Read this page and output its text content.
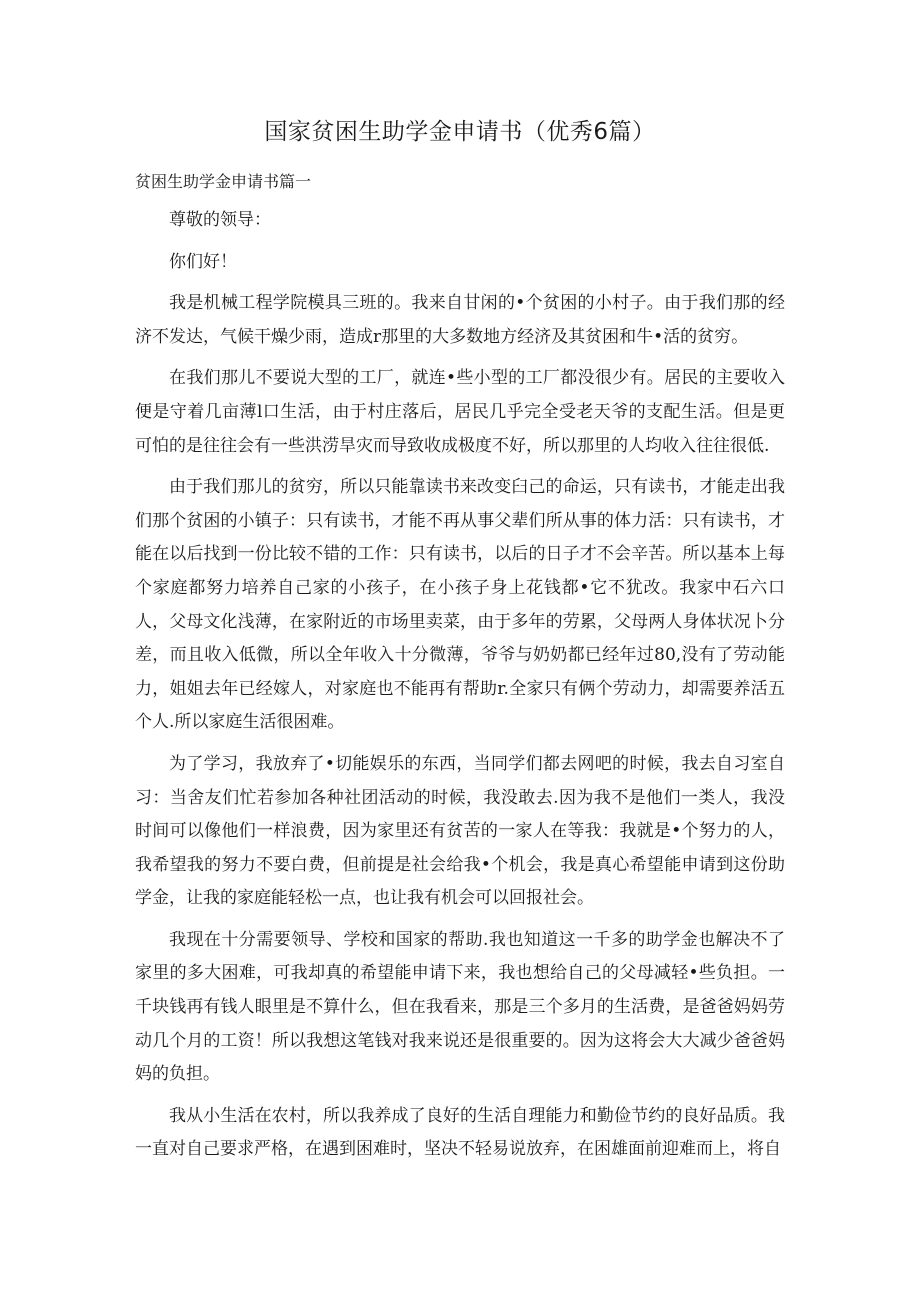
国家贫困生助学金申请书（优秀6篇）
贫困生助学金申请书篇一

尊敬的领导：

你们好！

我是机械工程学院模具三班的。我来自甘闲的•个贫困的小村子。由于我们那的经济不发达，气候干燥少雨，造成r那里的大多数地方经济及其贫困和牛•活的贫穷。

在我们那儿不要说大型的工厂，就连•些小型的工厂都没很少有。居民的主要收入便是守着几亩薄l口生活，由于村庄落后，居民几乎完全受老天爷的支配生活。但是更可怕的是往往会有一些洪涝旱灾而导致收成极度不好，所以那里的人均收入往往很低.

由于我们那儿的贫穷，所以只能靠读书来改变臼己的命运，只有读书，才能走出我们那个贫困的小镇子：只有读书，才能不再从事父辈们所从事的体力活：只有读书，才能在以后找到一份比较不错的工作：只有读书，以后的日子才不会辛苦。所以基本上每个家庭都努力培养自己家的小孩子，在小孩子身上花钱都•它不犹改。我家中石六口人，父母文化浅薄，在家附近的市场里卖菜，由于多年的劳累，父母两人身体状况卜分差，而且收入低微，所以全年收入十分微薄，爷爷与奶奶都已经年过80,没有了劳动能力，姐姐去年已经嫁人，对家庭也不能再有帮助r.全家只有俩个劳动力，却需要养活五个人.所以家庭生活很困难。

为了学习，我放弃了•切能娱乐的东西，当同学们都去网吧的时候，我去自习室自习：当舍友们忙若参加各种社团活动的时候，我没敢去.因为我不是他们一类人，我没时间可以像他们一样浪费，因为家里还有贫苦的一家人在等我：我就是•个努力的人，我希望我的努力不要白费，但前提是社会给我•个机会，我是真心希望能申请到这份助学金，让我的家庭能轻松一点，也让我有机会可以回报社会。

我现在十分需要领导、学校和国家的帮助.我也知道这一千多的助学金也解决不了家里的多大困难，可我却真的希望能申请下来，我也想给自己的父母减轻•些负担。一千块钱再有钱人眼里是不算什么，但在我看来，那是三个多月的生活费，是爸爸妈妈劳动几个月的工资！所以我想这笔钱对我来说还是很重要的。因为这将会大大减少爸爸妈妈的负担。

我从小生活在农村，所以我养成了良好的生活自理能力和勤俭节约的良好品质。我一直对自己要求严格，在遇到困难时，坚决不轻易说放弃，在困雄面前迎难而上，将自
